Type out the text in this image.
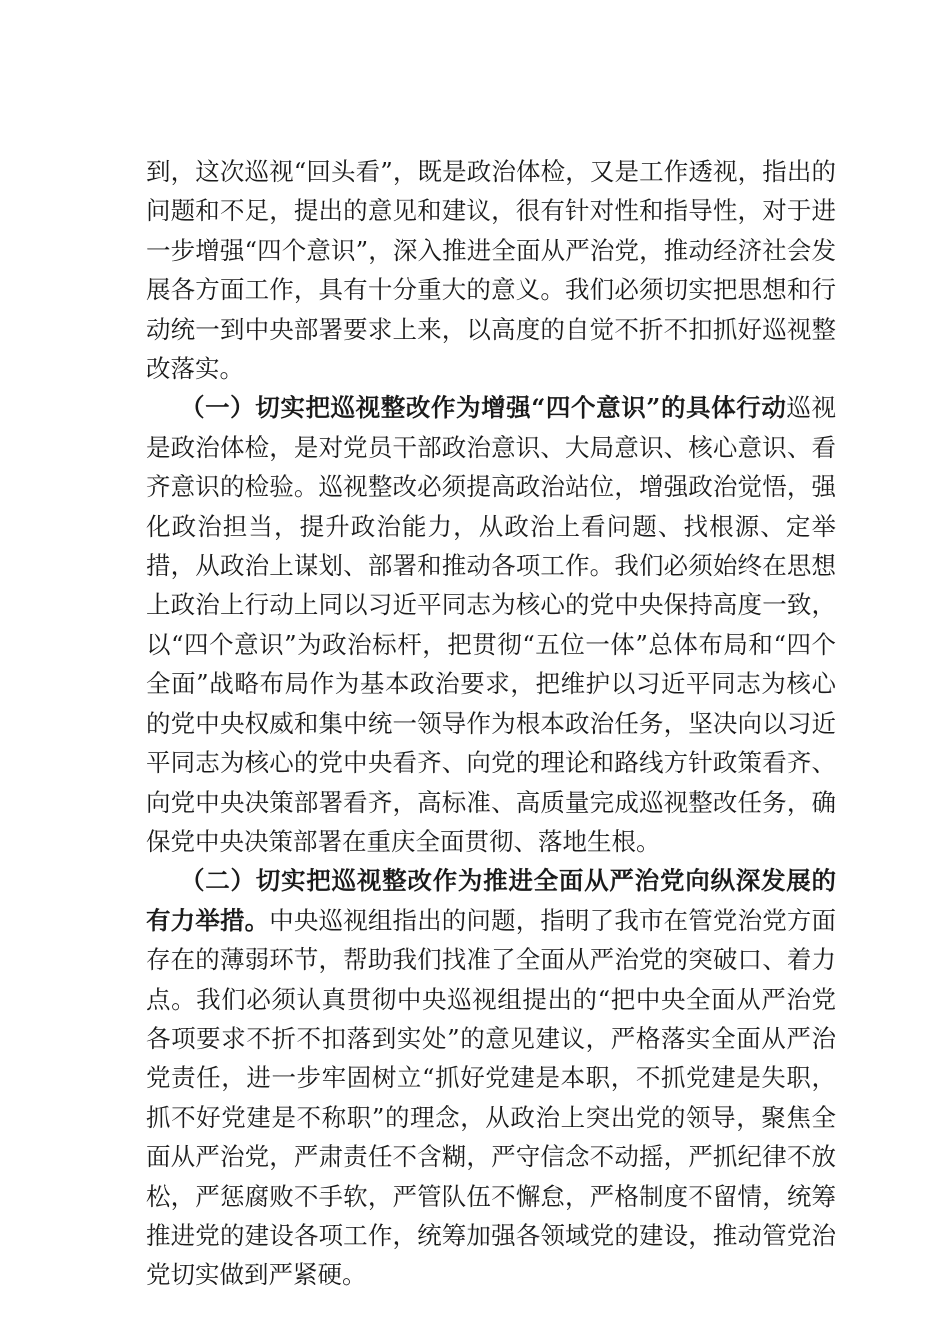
到，这次巡视“回头看”，既是政治体检，又是工作透视，指出的问题和不足，提出的意见和建议，很有针对性和指导性，对于进一步增强“四个意识”，深入推进全面从严治党，推动经济社会发展各方面工作，具有十分重大的意义。我们必须切实把思想和行动统一到中央部署要求上来，以高度的自觉不折不扣抓好巡视整改落实。

（一）切实把巡视整改作为增强“四个意识”的具体行动巡视是政治体检，是对党员干部政治意识、大局意识、核心意识、看齐意识的检验。巡视整改必须提高政治站位，增强政治觉悟，强化政治担当，提升政治能力，从政治上看问题、找根源、定举措，从政治上谋划、部署和推动各项工作。我们必须始终在思想上政治上行动上同以习近平同志为核心的党中央保持高度一致，以“四个意识”为政治标杆，把贯彻“五位一体”总体布局和“四个全面”战略布局作为基本政治要求，把维护以习近平同志为核心的党中央权威和集中统一领导作为根本政治任务，坚决向以习近平同志为核心的党中央看齐、向党的理论和路线方针政策看齐、向党中央决策部署看齐，高标准、高质量完成巡视整改任务，确保党中央决策部署在重庆全面贯彻、落地生根。

（二）切实把巡视整改作为推进全面从严治党向纵深发展的有力举措。中央巡视组指出的问题，指明了我市在管党治党方面存在的薄弱环节，帮助我们找准了全面从严治党的突破口、着力点。我们必须认真贯彻中央巡视组提出的“把中央全面从严治党各项要求不折不扣落到实处”的意见建议，严格落实全面从严治党责任，进一步牢固树立“抓好党建是本职，不抓党建是失职，抓不好党建是不称职”的理念，从政治上突出党的领导，聚焦全面从严治党，严肃责任不含糊，严守信念不动摇，严抓纪律不放松，严惩腐败不手软，严管队伍不懈怠，严格制度不留情，统筹推进党的建设各项工作，统筹加强各领域党的建设，推动管党治党切实做到严紧硬。
